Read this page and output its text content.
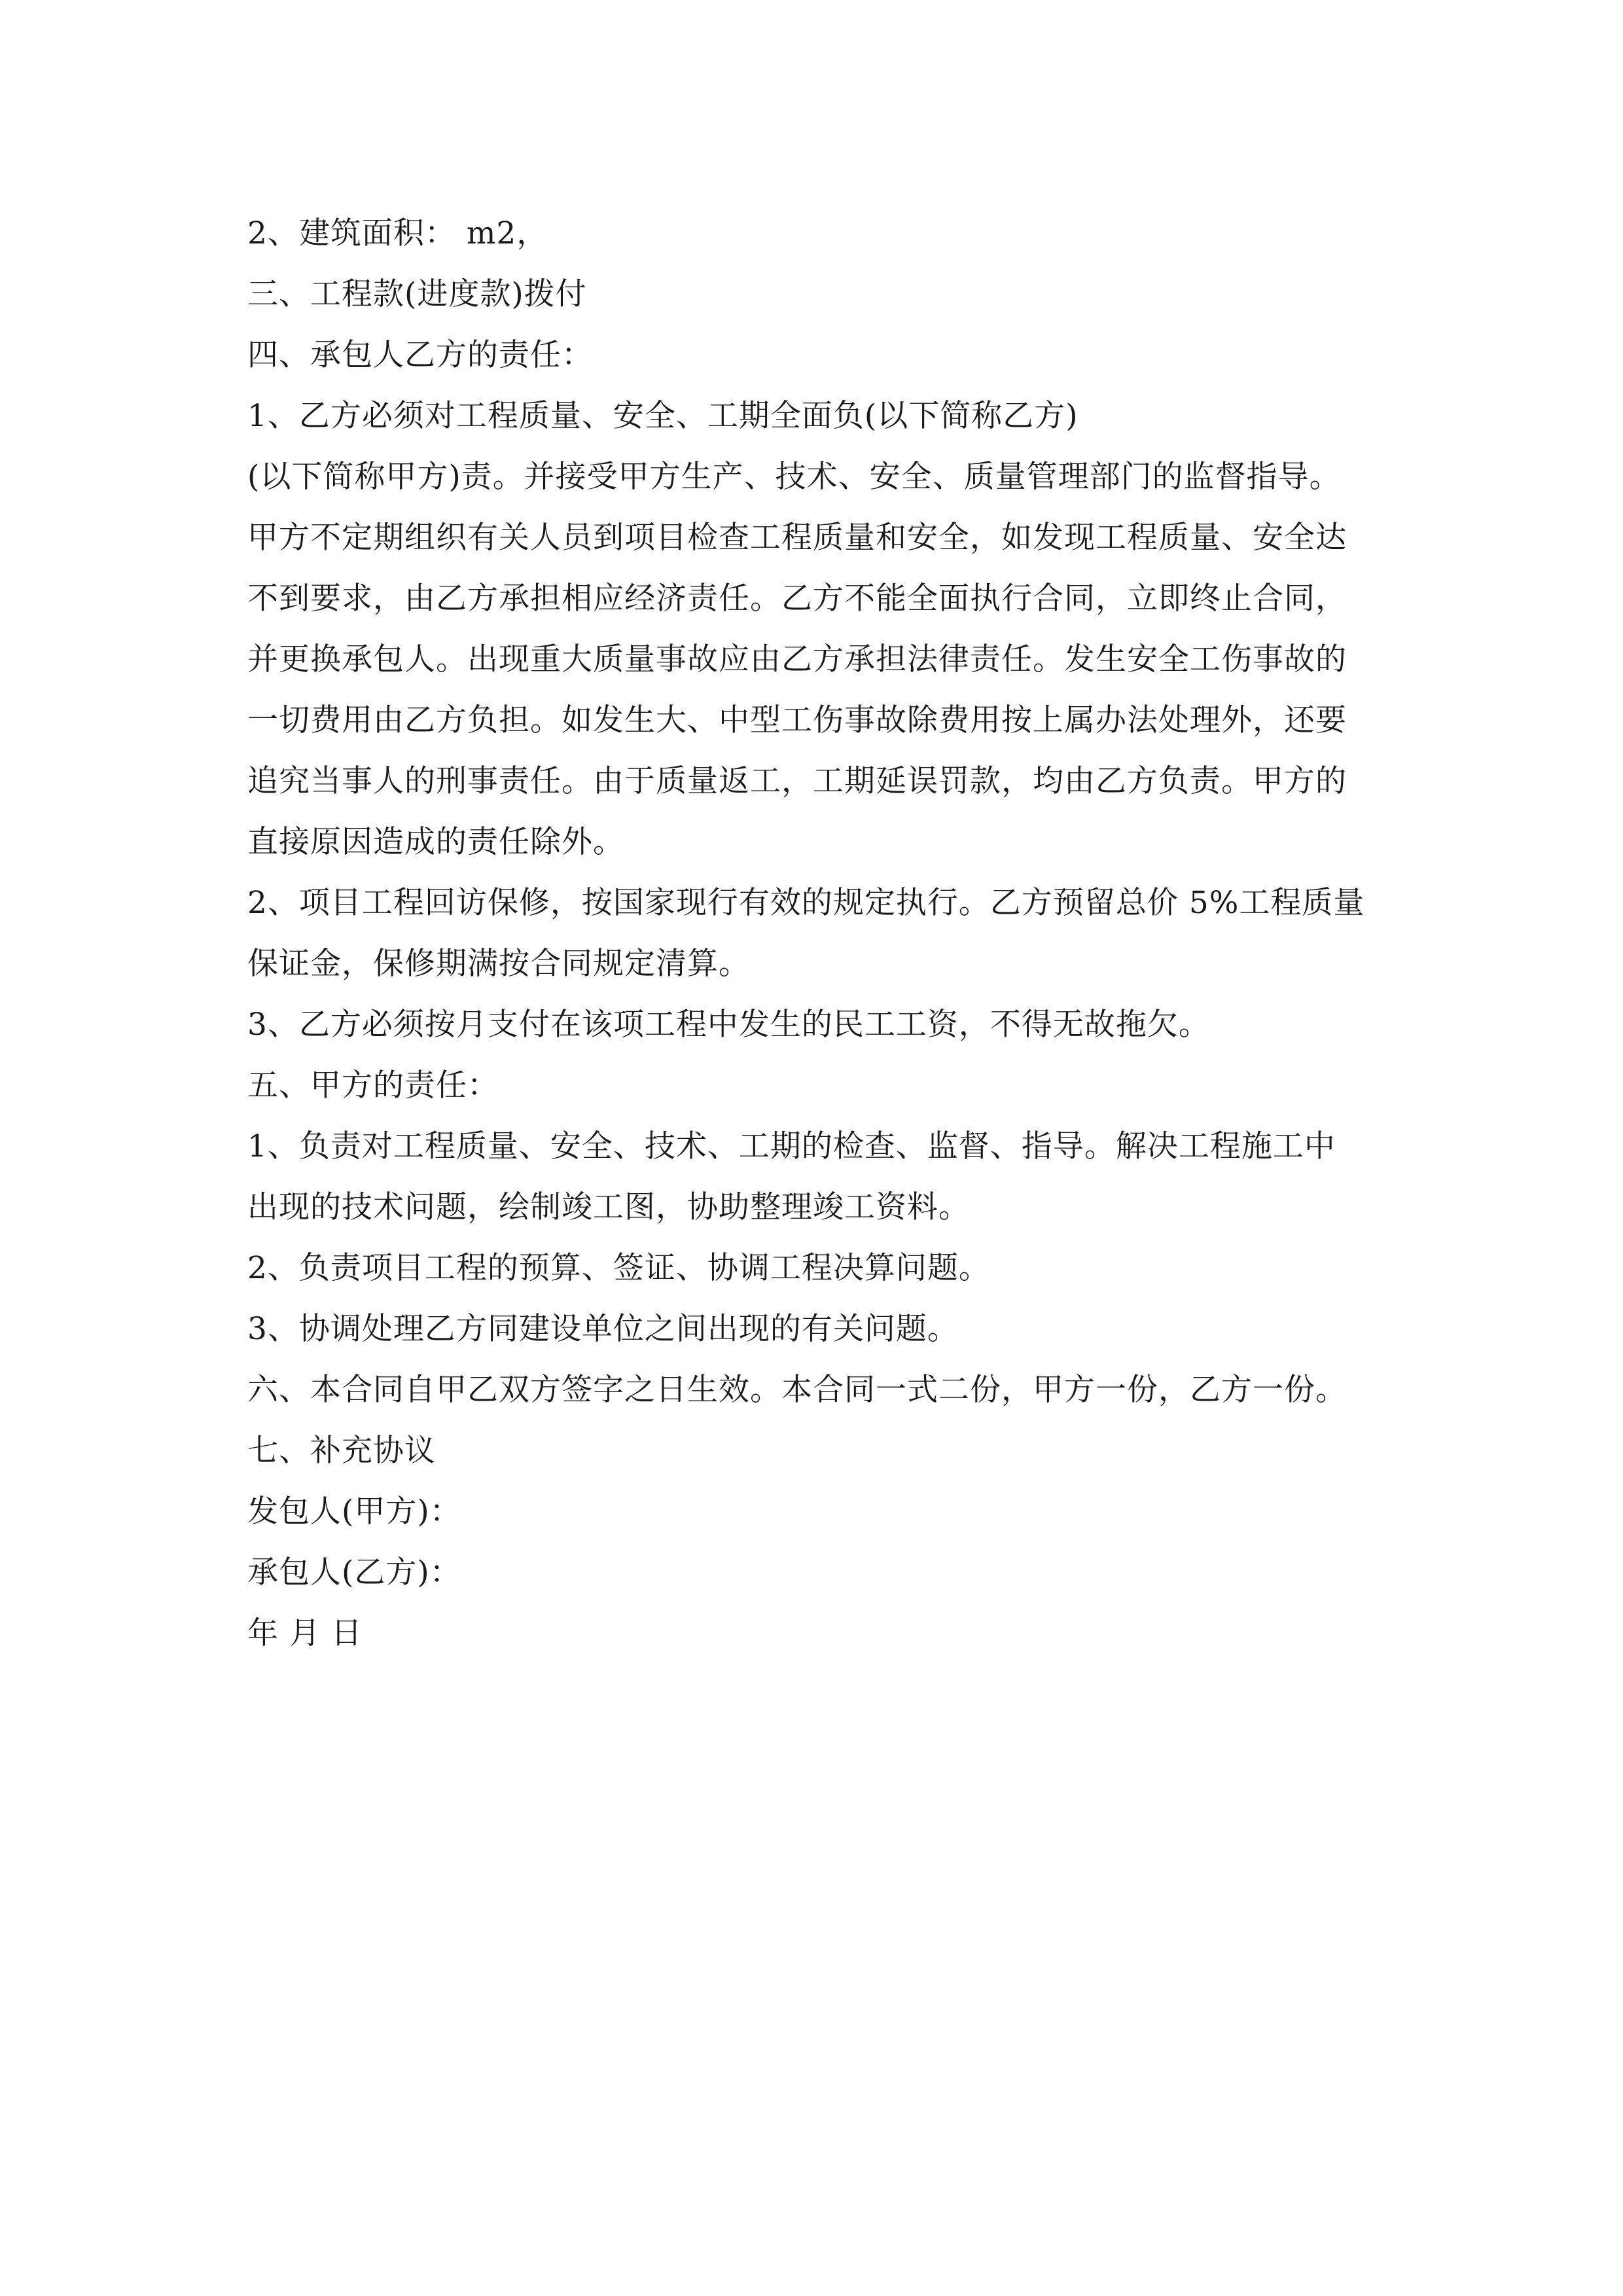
2、建筑面积： m2，
三、工程款(进度款)拨付
四、承包人乙方的责任：
1、乙方必须对工程质量、安全、工期全面负(以下简称乙方)
(以下简称甲方)责。并接受甲方生产、技术、安全、质量管理部门的监督指导。
甲方不定期组织有关人员到项目检查工程质量和安全，如发现工程质量、安全达
不到要求，由乙方承担相应经济责任。乙方不能全面执行合同，立即终止合同，
并更换承包人。出现重大质量事故应由乙方承担法律责任。发生安全工伤事故的
一切费用由乙方负担。如发生大、中型工伤事故除费用按上属办法处理外，还要
追究当事人的刑事责任。由于质量返工，工期延误罚款，均由乙方负责。甲方的
直接原因造成的责任除外。
2、项目工程回访保修，按国家现行有效的规定执行。乙方预留总价 5%工程质量
保证金，保修期满按合同规定清算。
3、乙方必须按月支付在该项工程中发生的民工工资，不得无故拖欠。
五、甲方的责任：
1、负责对工程质量、安全、技术、工期的检查、监督、指导。解决工程施工中
出现的技术问题，绘制竣工图，协助整理竣工资料。
2、负责项目工程的预算、签证、协调工程决算问题。
3、协调处理乙方同建设单位之间出现的有关问题。
六、本合同自甲乙双方签字之日生效。本合同一式二份，甲方一份，乙方一份。
七、补充协议
发包人(甲方)：
承包人(乙方)：
年 月 日
